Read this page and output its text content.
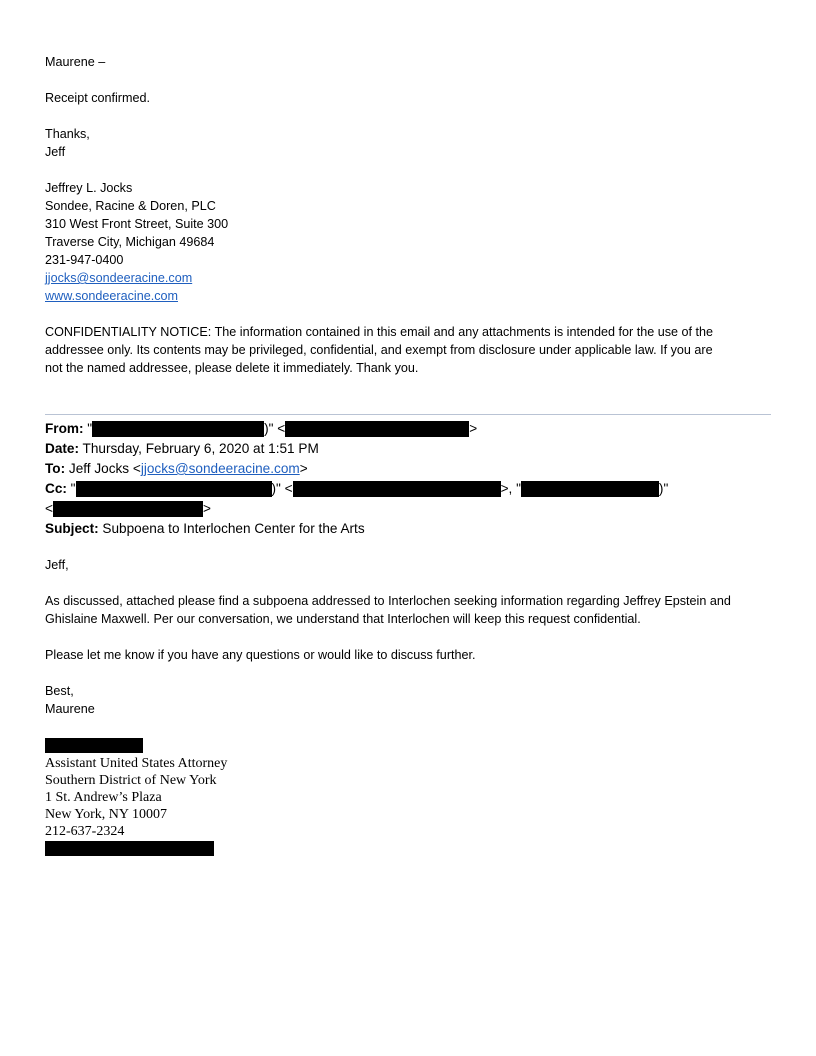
Maurene –
Receipt confirmed.
Thanks,
Jeff
Jeffrey L. Jocks
Sondee, Racine & Doren, PLC
310 West Front Street, Suite 300
Traverse City, Michigan 49684
231-947-0400
jjocks@sondeeracine.com
www.sondeeracine.com
CONFIDENTIALITY NOTICE: The information contained in this email and any attachments is intended for the use of the
addressee only. Its contents may be privileged, confidential, and exempt from disclosure under applicable law. If you are
not the named addressee, please delete it immediately. Thank you.
From: "	)" <	>
Date: Thursday, February 6, 2020 at 1:51 PM
To: Jeff Jocks <jjocks@sondeeracine.com>
Cc: "	)" <	>, "	)"
<	>
Subject: Subpoena to Interlochen Center for the Arts
Jeff,
As discussed, attached please find a subpoena addressed to Interlochen seeking information regarding Jeffrey Epstein and
Ghislaine Maxwell. Per our conversation, we understand that Interlochen will keep this request confidential.
Please let me know if you have any questions or would like to discuss further.
Best,
Maurene
Assistant United States Attorney
Southern District of New York
1 St. Andrew’s Plaza
New York, NY 10007
212-637-2324
